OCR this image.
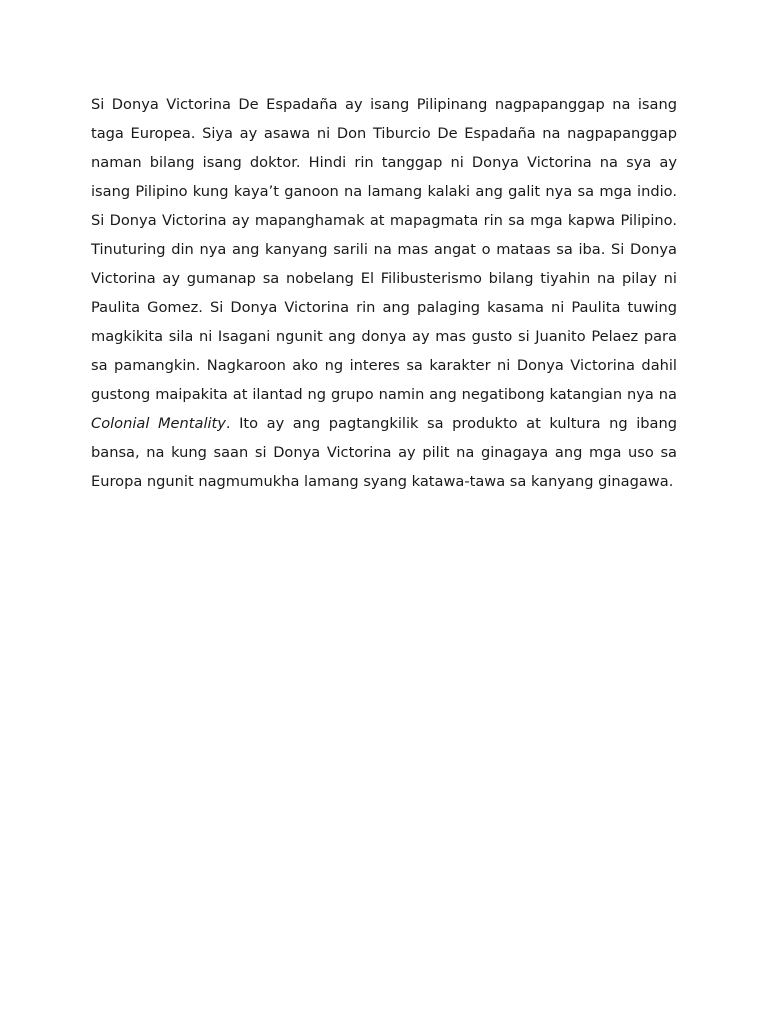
Si Donya Victorina De Espadaña ay isang Pilipinang nagpapanggap na isang taga Europea. Siya ay asawa ni Don Tiburcio De Espadaña na nagpapanggap naman bilang isang doktor. Hindi rin tanggap ni Donya Victorina na sya ay isang Pilipino kung kaya’t ganoon na lamang kalaki ang galit nya sa mga indio. Si Donya Victorina ay mapanghamak at mapagmata rin sa mga kapwa Pilipino. Tinuturing din nya ang kanyang sarili na mas angat o mataas sa iba. Si Donya Victorina ay gumanap sa nobelang El Filibusterismo bilang tiyahin na pilay ni Paulita Gomez. Si Donya Victorina rin ang palaging kasama ni Paulita tuwing magkikita sila ni Isagani ngunit ang donya ay mas gusto si Juanito Pelaez para sa pamangkin. Nagkaroon ako ng interes sa karakter ni Donya Victorina dahil gustong maipakita at ilantad ng grupo namin ang negatibong katangian nya na Colonial Mentality. Ito ay ang pagtangkilik sa produkto at kultura ng ibang bansa, na kung saan si Donya Victorina ay pilit na ginagaya ang mga uso sa Europa ngunit nagmumukha lamang syang katawa-tawa sa kanyang ginagawa.
